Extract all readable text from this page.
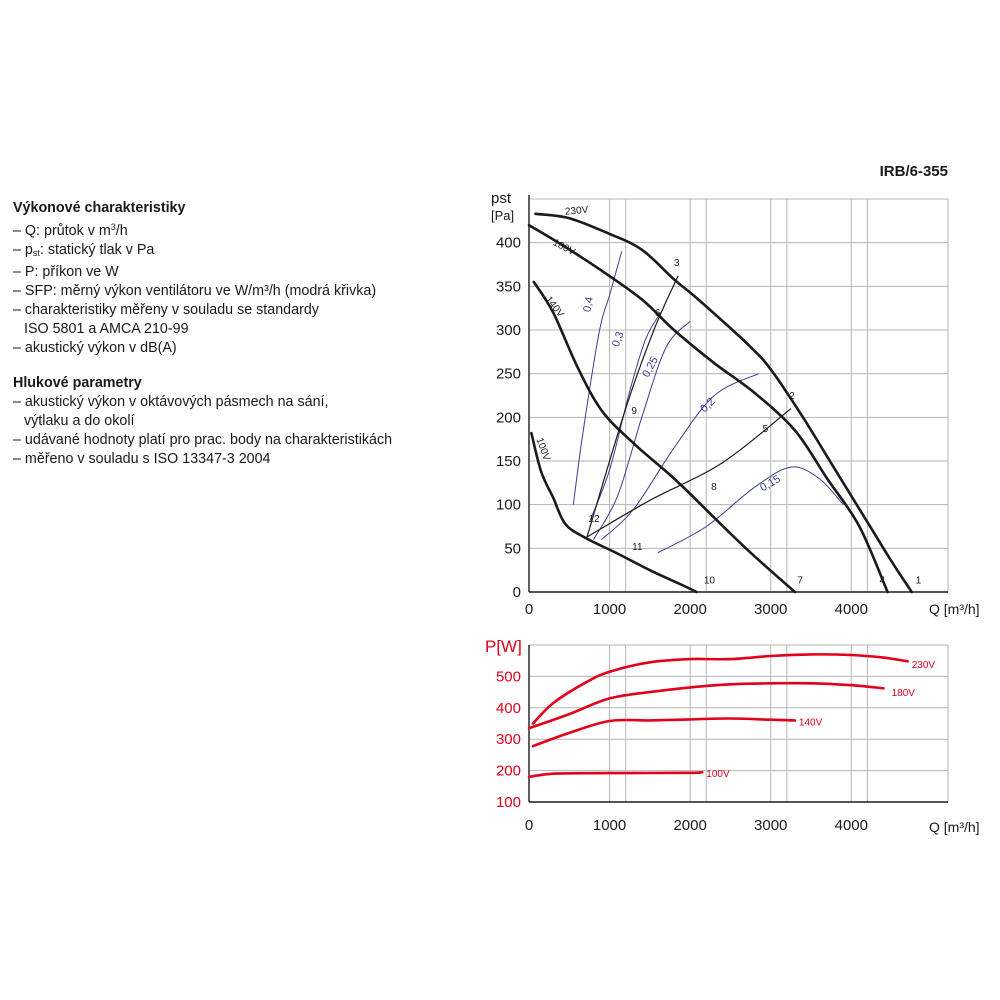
IRB/6-355
Výkonové charakteristiky
– Q: průtok v $m^3/h$
– $p_{st}$: statický tlak v Pa
– P: příkon ve W
– SFP: měrný výkon ventilátoru ve W/m³/h (modrá křivka)
– charakteristiky měřeny v souladu se standardy
ISO 5801 a AMCA 210-99
– akustický výkon v dB(A)
Hlukové parametry
– akustický výkon v oktávových pásmech na sání,
výtlaku a do okolí
– udávané hodnoty platí pro prac. body na charakteristikách
– měřeno v souladu s ISO 13347-3 2004
0
50
100
150
200
250
300
350
400
0	1000	2000	3000	4000
pst
[Pa]
Q [m³/h]
0,4
0,3
0,25
0,2
0,15
3
6
9
12
2
5
8
11
10	7	4	1
230V
180V
140V
100V
100
200
300
400
500
0	1000	2000	3000	4000
P[W]
Q [m³/h]
230V
180V
140V
100V
